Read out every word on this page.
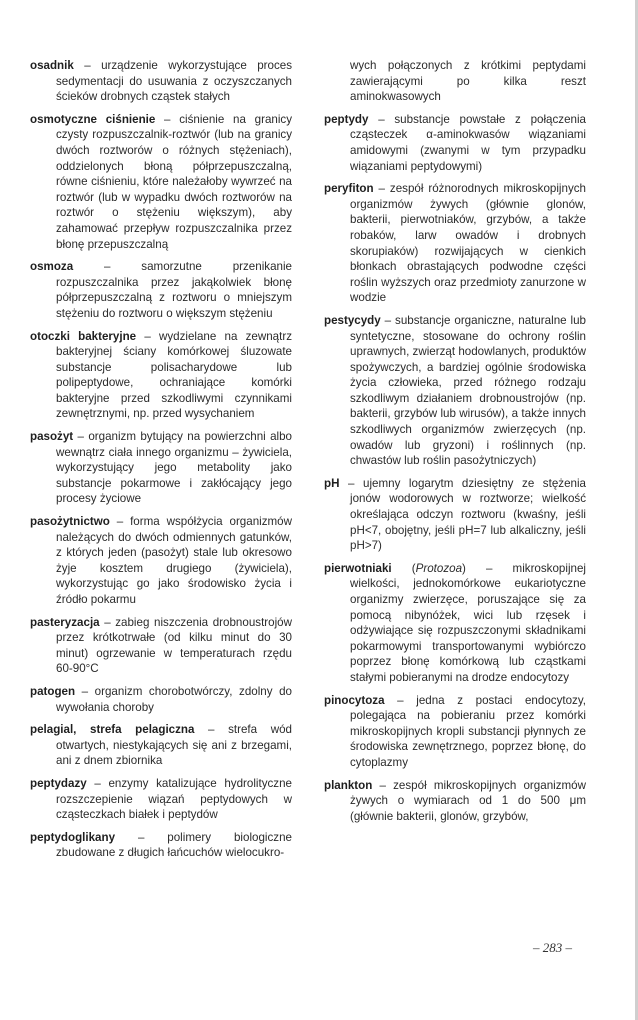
osadnik – urządzenie wykorzystujące proces sedymentacji do usuwania z oczyszczanych ścieków drobnych cząstek stałych

osmotyczne ciśnienie – ciśnienie na granicy czysty rozpuszczalnik-roztwór (lub na granicy dwóch roztworów o różnych stężeniach), oddzielonych błoną półprzepuszczalną, równe ciśnieniu, które należałoby wywrzeć na roztwór (lub w wypadku dwóch roztworów na roztwór o stężeniu większym), aby zahamować przepływ rozpuszczalnika przez błonę przepuszczalną

osmoza – samorzutne przenikanie rozpuszczalnika przez jakąkolwiek błonę półprzepuszczalną z roztworu o mniejszym stężeniu do roztworu o większym stężeniu

otoczki bakteryjne – wydzielane na zewnątrz bakteryjnej ściany komórkowej śluzowate substancje polisacharydowe lub polipeptydowe, ochraniające komórki bakteryjne przed szkodliwymi czynnikami zewnętrznymi, np. przed wysychaniem

pasożyt – organizm bytujący na powierzchni albo wewnątrz ciała innego organizmu – żywiciela, wykorzystujący jego metabolity jako substancje pokarmowe i zakłócający jego procesy życiowe

pasożytnictwo – forma współżycia organizmów należących do dwóch odmiennych gatunków, z których jeden (pasożyt) stale lub okresowo żyje kosztem drugiego (żywiciela), wykorzystując go jako środowisko życia i źródło pokarmu

pasteryzacja – zabieg niszczenia drobnoustrojów przez krótkotrwałe (od kilku minut do 30 minut) ogrzewanie w temperaturach rzędu 60-90°C

patogen – organizm chorobotwórczy, zdolny do wywołania choroby

pelagial, strefa pelagiczna – strefa wód otwartych, niestykających się ani z brzegami, ani z dnem zbiornika

peptydazy – enzymy katalizujące hydrolityczne rozszczepienie wiązań peptydowych w cząsteczkach białek i peptydów

peptydoglikany – polimery biologiczne zbudowane z długich łańcuchów wielocukro-

wych połączonych z krótkimi peptydami zawierającymi po kilka reszt aminokwasowych

peptydy – substancje powstałe z połączenia cząsteczek α-aminokwasów wiązaniami amidowymi (zwanymi w tym przypadku wiązaniami peptydowymi)

peryfiton – zespół różnorodnych mikroskopijnych organizmów żywych (głównie glonów, bakterii, pierwotniaków, grzybów, a także robaków, larw owadów i drobnych skorupiaków) rozwijających w cienkich błonkach obrastających podwodne części roślin wyższych oraz przedmioty zanurzone w wodzie

pestycydy – substancje organiczne, naturalne lub syntetyczne, stosowane do ochrony roślin uprawnych, zwierząt hodowlanych, produktów spożywczych, a bardziej ogólnie środowiska życia człowieka, przed różnego rodzaju szkodliwym działaniem drobnoustrojów (np. bakterii, grzybów lub wirusów), a także innych szkodliwych organizmów zwierzęcych (np. owadów lub gryzoni) i roślinnych (np. chwastów lub roślin pasożytniczych)

pH – ujemny logarytm dziesiętny ze stężenia jonów wodorowych w roztworze; wielkość określająca odczyn roztworu (kwaśny, jeśli pH<7, obojętny, jeśli pH=7 lub alkaliczny, jeśli pH>7)

pierwotniaki (Protozoa) – mikroskopijnej wielkości, jednokomórkowe eukariotyczne organizmy zwierzęce, poruszające się za pomocą nibynóżek, wici lub rzęsek i odżywiające się rozpuszczonymi składnikami pokarmowymi transportowanymi wybiórczo poprzez błonę komórkową lub cząstkami stałymi pobieranymi na drodze endocytozy

pinocytoza – jedna z postaci endocytozy, polegająca na pobieraniu przez komórki mikroskopijnych kropli substancji płynnych ze środowiska zewnętrznego, poprzez błonę, do cytoplazmy

plankton – zespół mikroskopijnych organizmów żywych o wymiarach od 1 do 500 μm (głównie bakterii, glonów, grzybów,

– 283 –
